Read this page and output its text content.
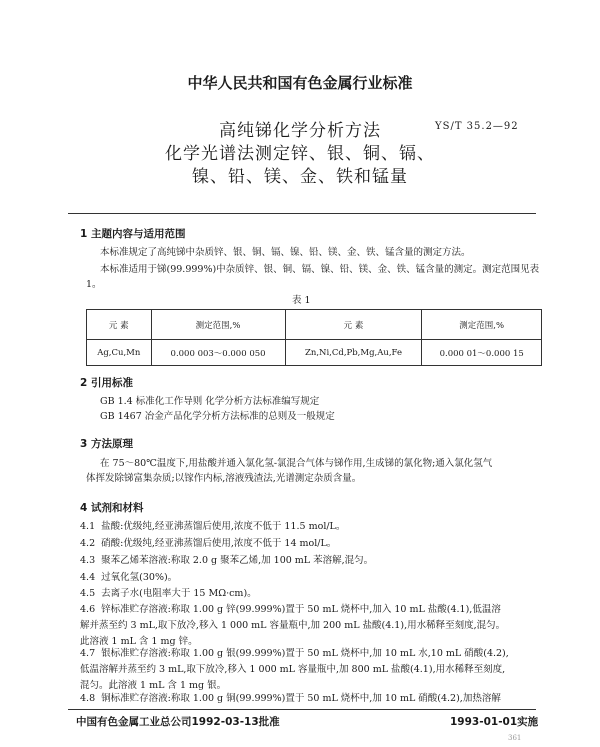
中华人民共和国有色金属行业标准
高纯锑化学分析方法
化学光谱法测定锌、银、铜、镉、
镍、铅、镁、金、铁和锰量
YS/T 35.2—92
1 主题内容与适用范围
本标准规定了高纯锑中杂质锌、银、铜、镉、镍、铅、镁、金、铁、锰含量的测定方法。
本标准适用于锑(99.999%)中杂质锌、银、铜、镉、镍、铅、镁、金、铁、锰含量的测定。测定范围见表
1。
表 1
元 素	测定范围,%	元 素	测定范围,%
Ag,Cu,Mn	0.000 003～0.000 050	Zn,Ni,Cd,Pb,Mg,Au,Fe	0.000 01～0.000 15
2 引用标准
GB 1.4 标准化工作导则 化学分析方法标准编写规定
GB 1467 冶金产品化学分析方法标准的总则及一般规定
3 方法原理
在 75～80℃温度下,用盐酸并通入氯化氢-氯混合气体与锑作用,生成锑的氯化物;通入氯化氢气
体挥发除锑富集杂质;以镓作内标,溶液残渣法,光谱测定杂质含量。
4 试剂和材料
4.1 盐酸:优级纯,经亚沸蒸馏后使用,浓度不低于 11.5 mol/L。
4.2 硝酸:优级纯,经亚沸蒸馏后使用,浓度不低于 14 mol/L。
4.3 聚苯乙烯苯溶液:称取 2.0 g 聚苯乙烯,加 100 mL 苯溶解,混匀。
4.4 过氧化氢(30%)。
4.5 去离子水(电阻率大于 15 MΩ·cm)。
4.6 锌标准贮存溶液:称取 1.00 g 锌(99.999%)置于 50 mL 烧杯中,加入 10 mL 盐酸(4.1),低温溶
解并蒸至约 3 mL,取下放冷,移入 1 000 mL 容量瓶中,加 200 mL 盐酸(4.1),用水稀释至刻度,混匀。
此溶液 1 mL 含 1 mg 锌。
4.7 银标准贮存溶液:称取 1.00 g 银(99.999%)置于 50 mL 烧杯中,加 10 mL 水,10 mL 硝酸(4.2),
低温溶解并蒸至约 3 mL,取下放冷,移入 1 000 mL 容量瓶中,加 800 mL 盐酸(4.1),用水稀释至刻度,
混匀。此溶液 1 mL 含 1 mg 银。
4.8 铜标准贮存溶液:称取 1.00 g 铜(99.999%)置于 50 mL 烧杯中,加 10 mL 硝酸(4.2),加热溶解
中国有色金属工业总公司1992-03-13批准	1993-01-01实施
361
